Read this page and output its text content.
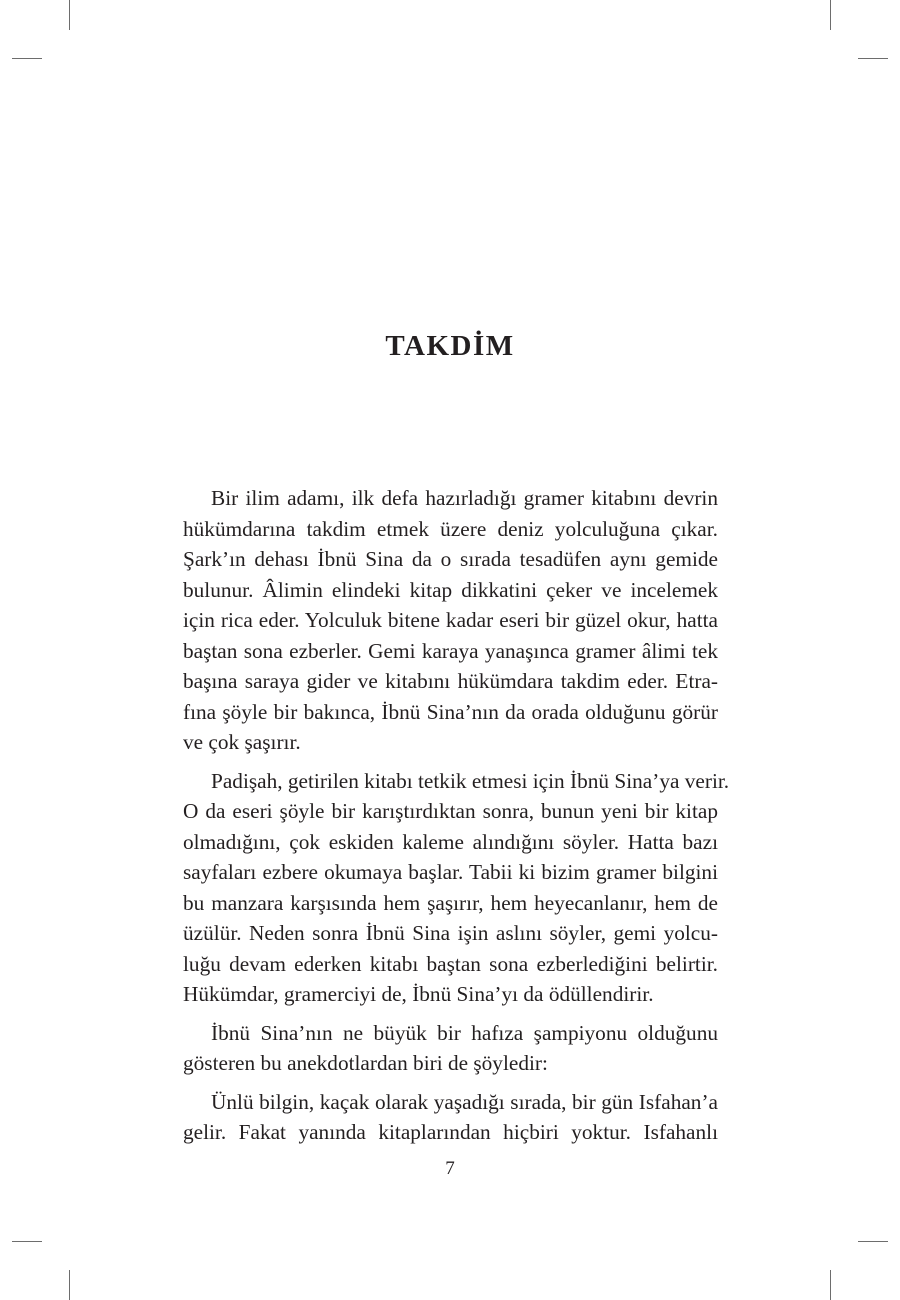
TAKDİM
Bir ilim adamı, ilk defa hazırladığı gramer kitabını devrin
hükümdarına takdim etmek üzere deniz yolculuğuna çıkar.
Şark’ın dehası İbnü Sina da o sırada tesadüfen aynı gemide
bulunur. Âlimin elindeki kitap dikkatini çeker ve incelemek
için rica eder. Yolculuk bitene kadar eseri bir güzel okur, hatta
baştan sona ezberler. Gemi karaya yanaşınca gramer âlimi tek
başına saraya gider ve kitabını hükümdara takdim eder. Etra-
fına şöyle bir bakınca, İbnü Sina’nın da orada olduğunu görür
ve çok şaşırır.
Padişah, getirilen kitabı tetkik etmesi için İbnü Sina’ya verir.
O da eseri şöyle bir karıştırdıktan sonra, bunun yeni bir kitap
olmadığını, çok eskiden kaleme alındığını söyler. Hatta bazı
sayfaları ezbere okumaya başlar. Tabii ki bizim gramer bilgini
bu manzara karşısında hem şaşırır, hem heyecanlanır, hem de
üzülür. Neden sonra İbnü Sina işin aslını söyler, gemi yolcu-
luğu devam ederken kitabı baştan sona ezberlediğini belirtir.
Hükümdar, gramerciyi de, İbnü Sina’yı da ödüllendirir.
İbnü Sina’nın ne büyük bir hafıza şampiyonu olduğunu
gösteren bu anekdotlardan biri de şöyledir:
Ünlü bilgin, kaçak olarak yaşadığı sırada, bir gün Isfahan’a
gelir. Fakat yanında kitaplarından hiçbiri yoktur. Isfahanlı
7
